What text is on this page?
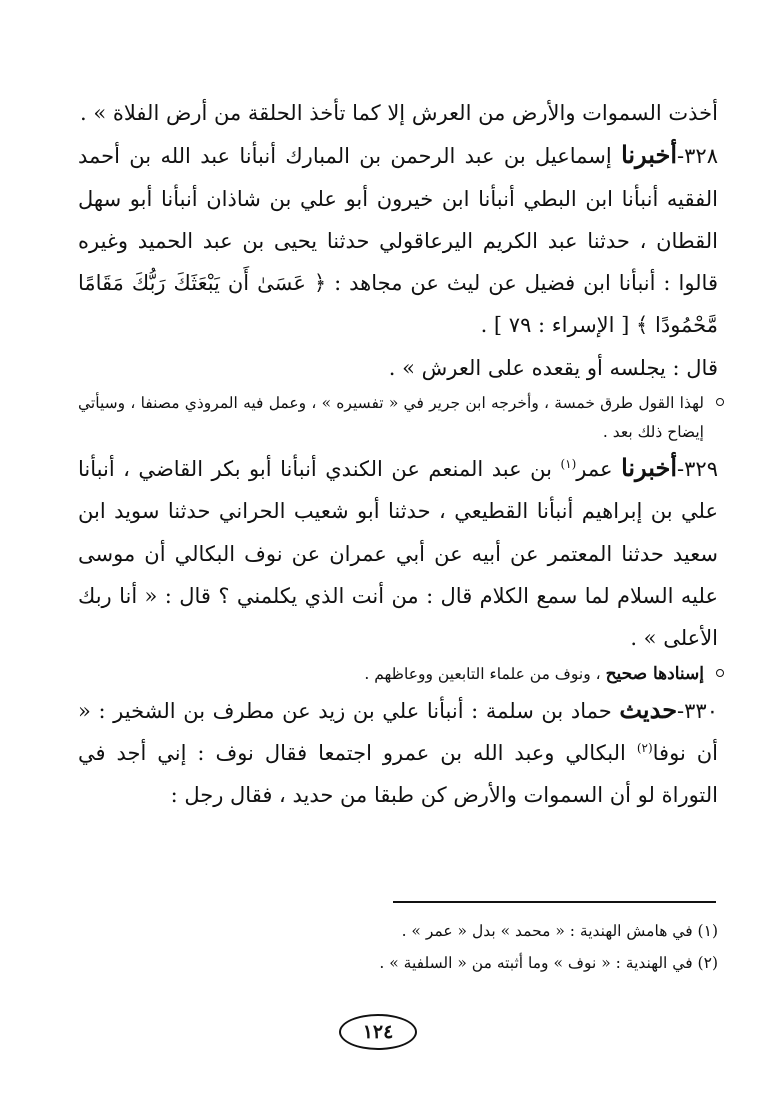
أخذت السموات والأرض من العرش إلا كما تأخذ الحلقة من أرض الفلاة » .

٣٢٨-أخبرنا إسماعيل بن عبد الرحمن بن المبارك أنبأنا عبد الله بن أحمد الفقيه أنبأنا ابن البطي أنبأنا ابن خيرون أبو علي بن شاذان أنبأنا أبو سهل القطان ، حدثنا عبد الكريم اليرعاقولي حدثنا يحيى بن عبد الحميد وغيره قالوا : أنبأنا ابن فضيل عن ليث عن مجاهد : ﴿ عَسَىٰ أَن يَبْعَثَكَ رَبُّكَ مَقَامًا مَّحْمُودًا ﴾ [ الإسراء : ٧٩ ] .

قال : يجلسه أو يقعده على العرش » .

لهذا القول طرق خمسة ، وأخرجه ابن جرير في « تفسيره » ، وعمل فيه المروذي مصنفا ، وسيأتي إيضاح ذلك بعد .

٣٢٩-أخبرنا عمر$^{(١)}$ بن عبد المنعم عن الكندي أنبأنا أبو بكر القاضي ، أنبأنا علي بن إبراهيم أنبأنا القطيعي ، حدثنا أبو شعيب الحراني حدثنا سويد ابن سعيد حدثنا المعتمر عن أبيه عن أبي عمران عن نوف البكالي أن موسى عليه السلام لما سمع الكلام قال : من أنت الذي يكلمني ؟ قال : « أنا ربك الأعلى » .

إسنادها صحيح ، ونوف من علماء التابعين ووعاظهم .

٣٣٠-حديث حماد بن سلمة : أنبأنا علي بن زيد عن مطرف بن الشخير : « أن نوفا$^{(٢)}$ البكالي وعبد الله بن عمرو اجتمعا فقال نوف : إني أجد في التوراة لو أن السموات والأرض كن طبقا من حديد ، فقال رجل :

(١) في هامش الهندية : « محمد » بدل « عمر » .

(٢) في الهندية : « نوف » وما أثبته من « السلفية » .

١٢٤
